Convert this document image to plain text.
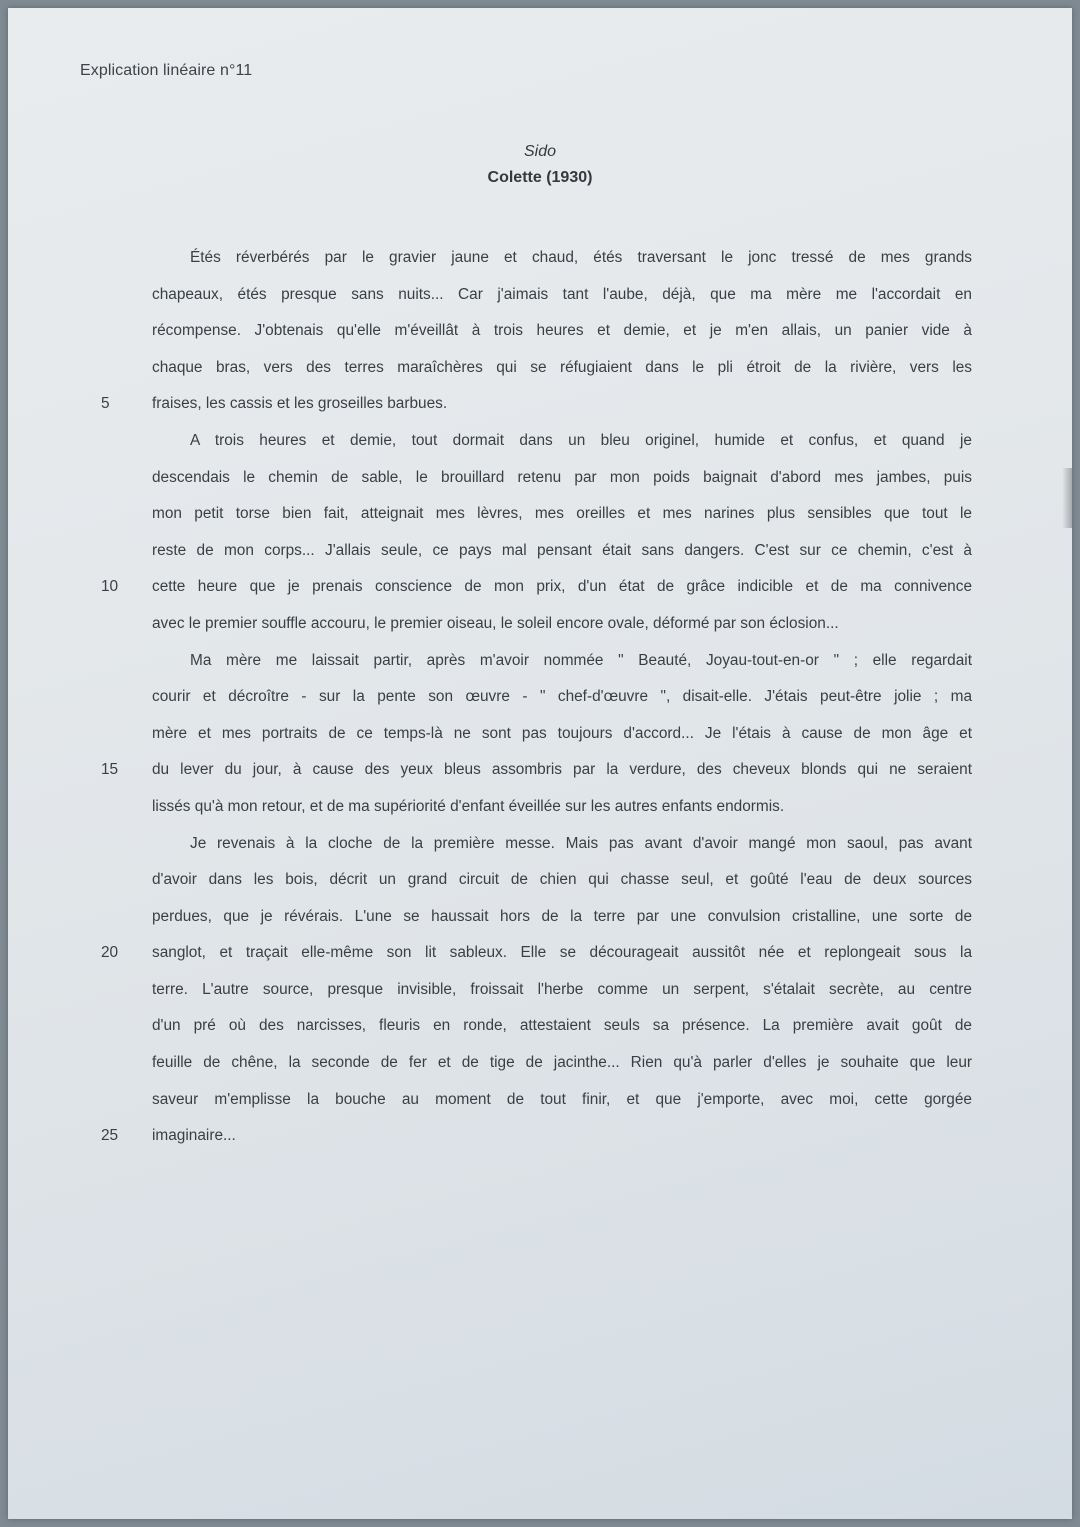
Explication linéaire n°11
Sido
Colette (1930)
Étés réverbérés par le gravier jaune et chaud, étés traversant le jonc tressé de mes grands
chapeaux, étés presque sans nuits... Car j'aimais tant l'aube, déjà, que ma mère me l'accordait en
récompense. J'obtenais qu'elle m'éveillât à trois heures et demie, et je m'en allais, un panier vide à
chaque bras, vers des terres maraîchères qui se réfugiaient dans le pli étroit de la rivière, vers les
5	fraises, les cassis et les groseilles barbues.
A trois heures et demie, tout dormait dans un bleu originel, humide et confus, et quand je
descendais le chemin de sable, le brouillard retenu par mon poids baignait d'abord mes jambes, puis
mon petit torse bien fait, atteignait mes lèvres, mes oreilles et mes narines plus sensibles que tout le
reste de mon corps... J'allais seule, ce pays mal pensant était sans dangers. C'est sur ce chemin, c'est à
10	cette heure que je prenais conscience de mon prix, d'un état de grâce indicible et de ma connivence
avec le premier souffle accouru, le premier oiseau, le soleil encore ovale, déformé par son éclosion...
Ma mère me laissait partir, après m'avoir nommée " Beauté, Joyau-tout-en-or " ; elle regardait
courir et décroître - sur la pente son œuvre - " chef-d'œuvre ", disait-elle. J'étais peut-être jolie ; ma
mère et mes portraits de ce temps-là ne sont pas toujours d'accord... Je l'étais à cause de mon âge et
15	du lever du jour, à cause des yeux bleus assombris par la verdure, des cheveux blonds qui ne seraient
lissés qu'à mon retour, et de ma supériorité d'enfant éveillée sur les autres enfants endormis.
Je revenais à la cloche de la première messe. Mais pas avant d'avoir mangé mon saoul, pas avant
d'avoir dans les bois, décrit un grand circuit de chien qui chasse seul, et goûté l'eau de deux sources
perdues, que je révérais. L'une se haussait hors de la terre par une convulsion cristalline, une sorte de
20	sanglot, et traçait elle-même son lit sableux. Elle se décourageait aussitôt née et replongeait sous la
terre. L'autre source, presque invisible, froissait l'herbe comme un serpent, s'étalait secrète, au centre
d'un pré où des narcisses, fleuris en ronde, attestaient seuls sa présence. La première avait goût de
feuille de chêne, la seconde de fer et de tige de jacinthe... Rien qu'à parler d'elles je souhaite que leur
saveur m'emplisse la bouche au moment de tout finir, et que j'emporte, avec moi, cette gorgée
25	imaginaire...
